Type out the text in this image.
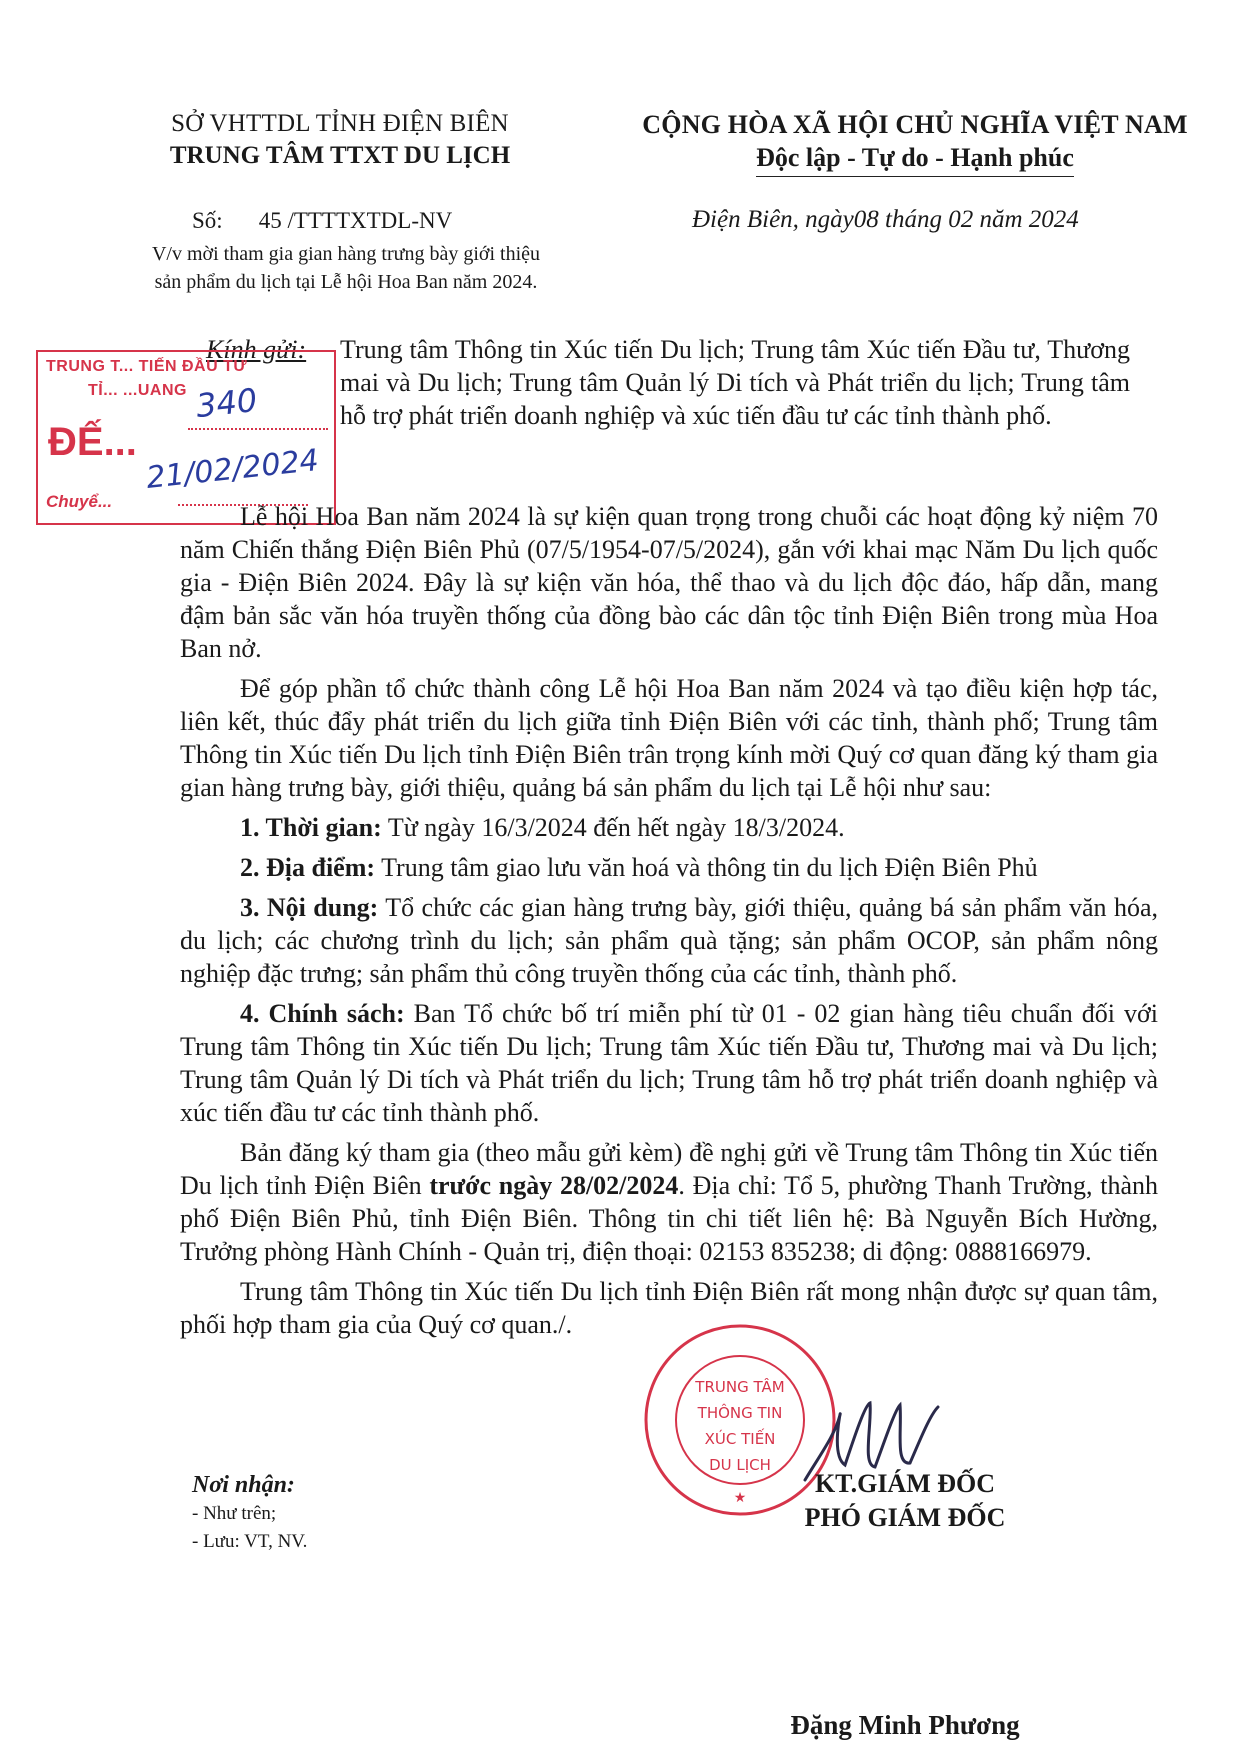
SỞ VHTTDL TỈNH ĐIỆN BIÊN
TRUNG TÂM TTXT DU LỊCH
CỘNG HÒA XÃ HỘI CHỦ NGHĨA VIỆT NAM
Độc lập - Tự do - Hạnh phúc
Số: 45 /TTTTXTDL-NV	Điện Biên, ngày08 tháng 02 năm 2024
V/v mời tham gia gian hàng trưng bày giới thiệu
sản phẩm du lịch tại Lễ hội Hoa Ban năm 2024.
Kính gửi: Trung tâm Thông tin Xúc tiến Du lịch; Trung tâm Xúc tiến Đầu tư, Thương mai và Du lịch; Trung tâm Quản lý Di tích và Phát triển du lịch; Trung tâm hỗ trợ phát triển doanh nghiệp và xúc tiến đầu tư các tỉnh thành phố.
TRUNG T... TIẾN ĐẦU TƯ
TỈ... ...UANG
ĐẾ...
Chuyể...
340
21/02/2024

Lễ hội Hoa Ban năm 2024 là sự kiện quan trọng trong chuỗi các hoạt động kỷ niệm 70 năm Chiến thắng Điện Biên Phủ (07/5/1954-07/5/2024), gắn với khai mạc Năm Du lịch quốc gia - Điện Biên 2024. Đây là sự kiện văn hóa, thể thao và du lịch độc đáo, hấp dẫn, mang đậm bản sắc văn hóa truyền thống của đồng bào các dân tộc tỉnh Điện Biên trong mùa Hoa Ban nở.

Để góp phần tổ chức thành công Lễ hội Hoa Ban năm 2024 và tạo điều kiện hợp tác, liên kết, thúc đẩy phát triển du lịch giữa tỉnh Điện Biên với các tỉnh, thành phố; Trung tâm Thông tin Xúc tiến Du lịch tỉnh Điện Biên trân trọng kính mời Quý cơ quan đăng ký tham gia gian hàng trưng bày, giới thiệu, quảng bá sản phẩm du lịch tại Lễ hội như sau:

1. Thời gian: Từ ngày 16/3/2024 đến hết ngày 18/3/2024.

2. Địa điểm: Trung tâm giao lưu văn hoá và thông tin du lịch Điện Biên Phủ

3. Nội dung: Tổ chức các gian hàng trưng bày, giới thiệu, quảng bá sản phẩm văn hóa, du lịch; các chương trình du lịch; sản phẩm quà tặng; sản phẩm OCOP, sản phẩm nông nghiệp đặc trưng; sản phẩm thủ công truyền thống của các tỉnh, thành phố.

4. Chính sách: Ban Tổ chức bố trí miễn phí từ 01 - 02 gian hàng tiêu chuẩn đối với Trung tâm Thông tin Xúc tiến Du lịch; Trung tâm Xúc tiến Đầu tư, Thương mai và Du lịch; Trung tâm Quản lý Di tích và Phát triển du lịch; Trung tâm hỗ trợ phát triển doanh nghiệp và xúc tiến đầu tư các tỉnh thành phố.

Bản đăng ký tham gia (theo mẫu gửi kèm) đề nghị gửi về Trung tâm Thông tin Xúc tiến Du lịch tỉnh Điện Biên trước ngày 28/02/2024. Địa chỉ: Tổ 5, phường Thanh Trường, thành phố Điện Biên Phủ, tỉnh Điện Biên. Thông tin chi tiết liên hệ: Bà Nguyễn Bích Hường, Trưởng phòng Hành Chính - Quản trị, điện thoại: 02153 835238; di động: 0888166979.

Trung tâm Thông tin Xúc tiến Du lịch tỉnh Điện Biên rất mong nhận được sự quan tâm, phối hợp tham gia của Quý cơ quan./.

Nơi nhận:
- Như trên;
- Lưu: VT, NV.
★
TRUNG TÂM
THÔNG TIN
XÚC TIẾN
DU LỊCH
KT.GIÁM ĐỐC
PHÓ GIÁM ĐỐC
Đặng Minh Phương
